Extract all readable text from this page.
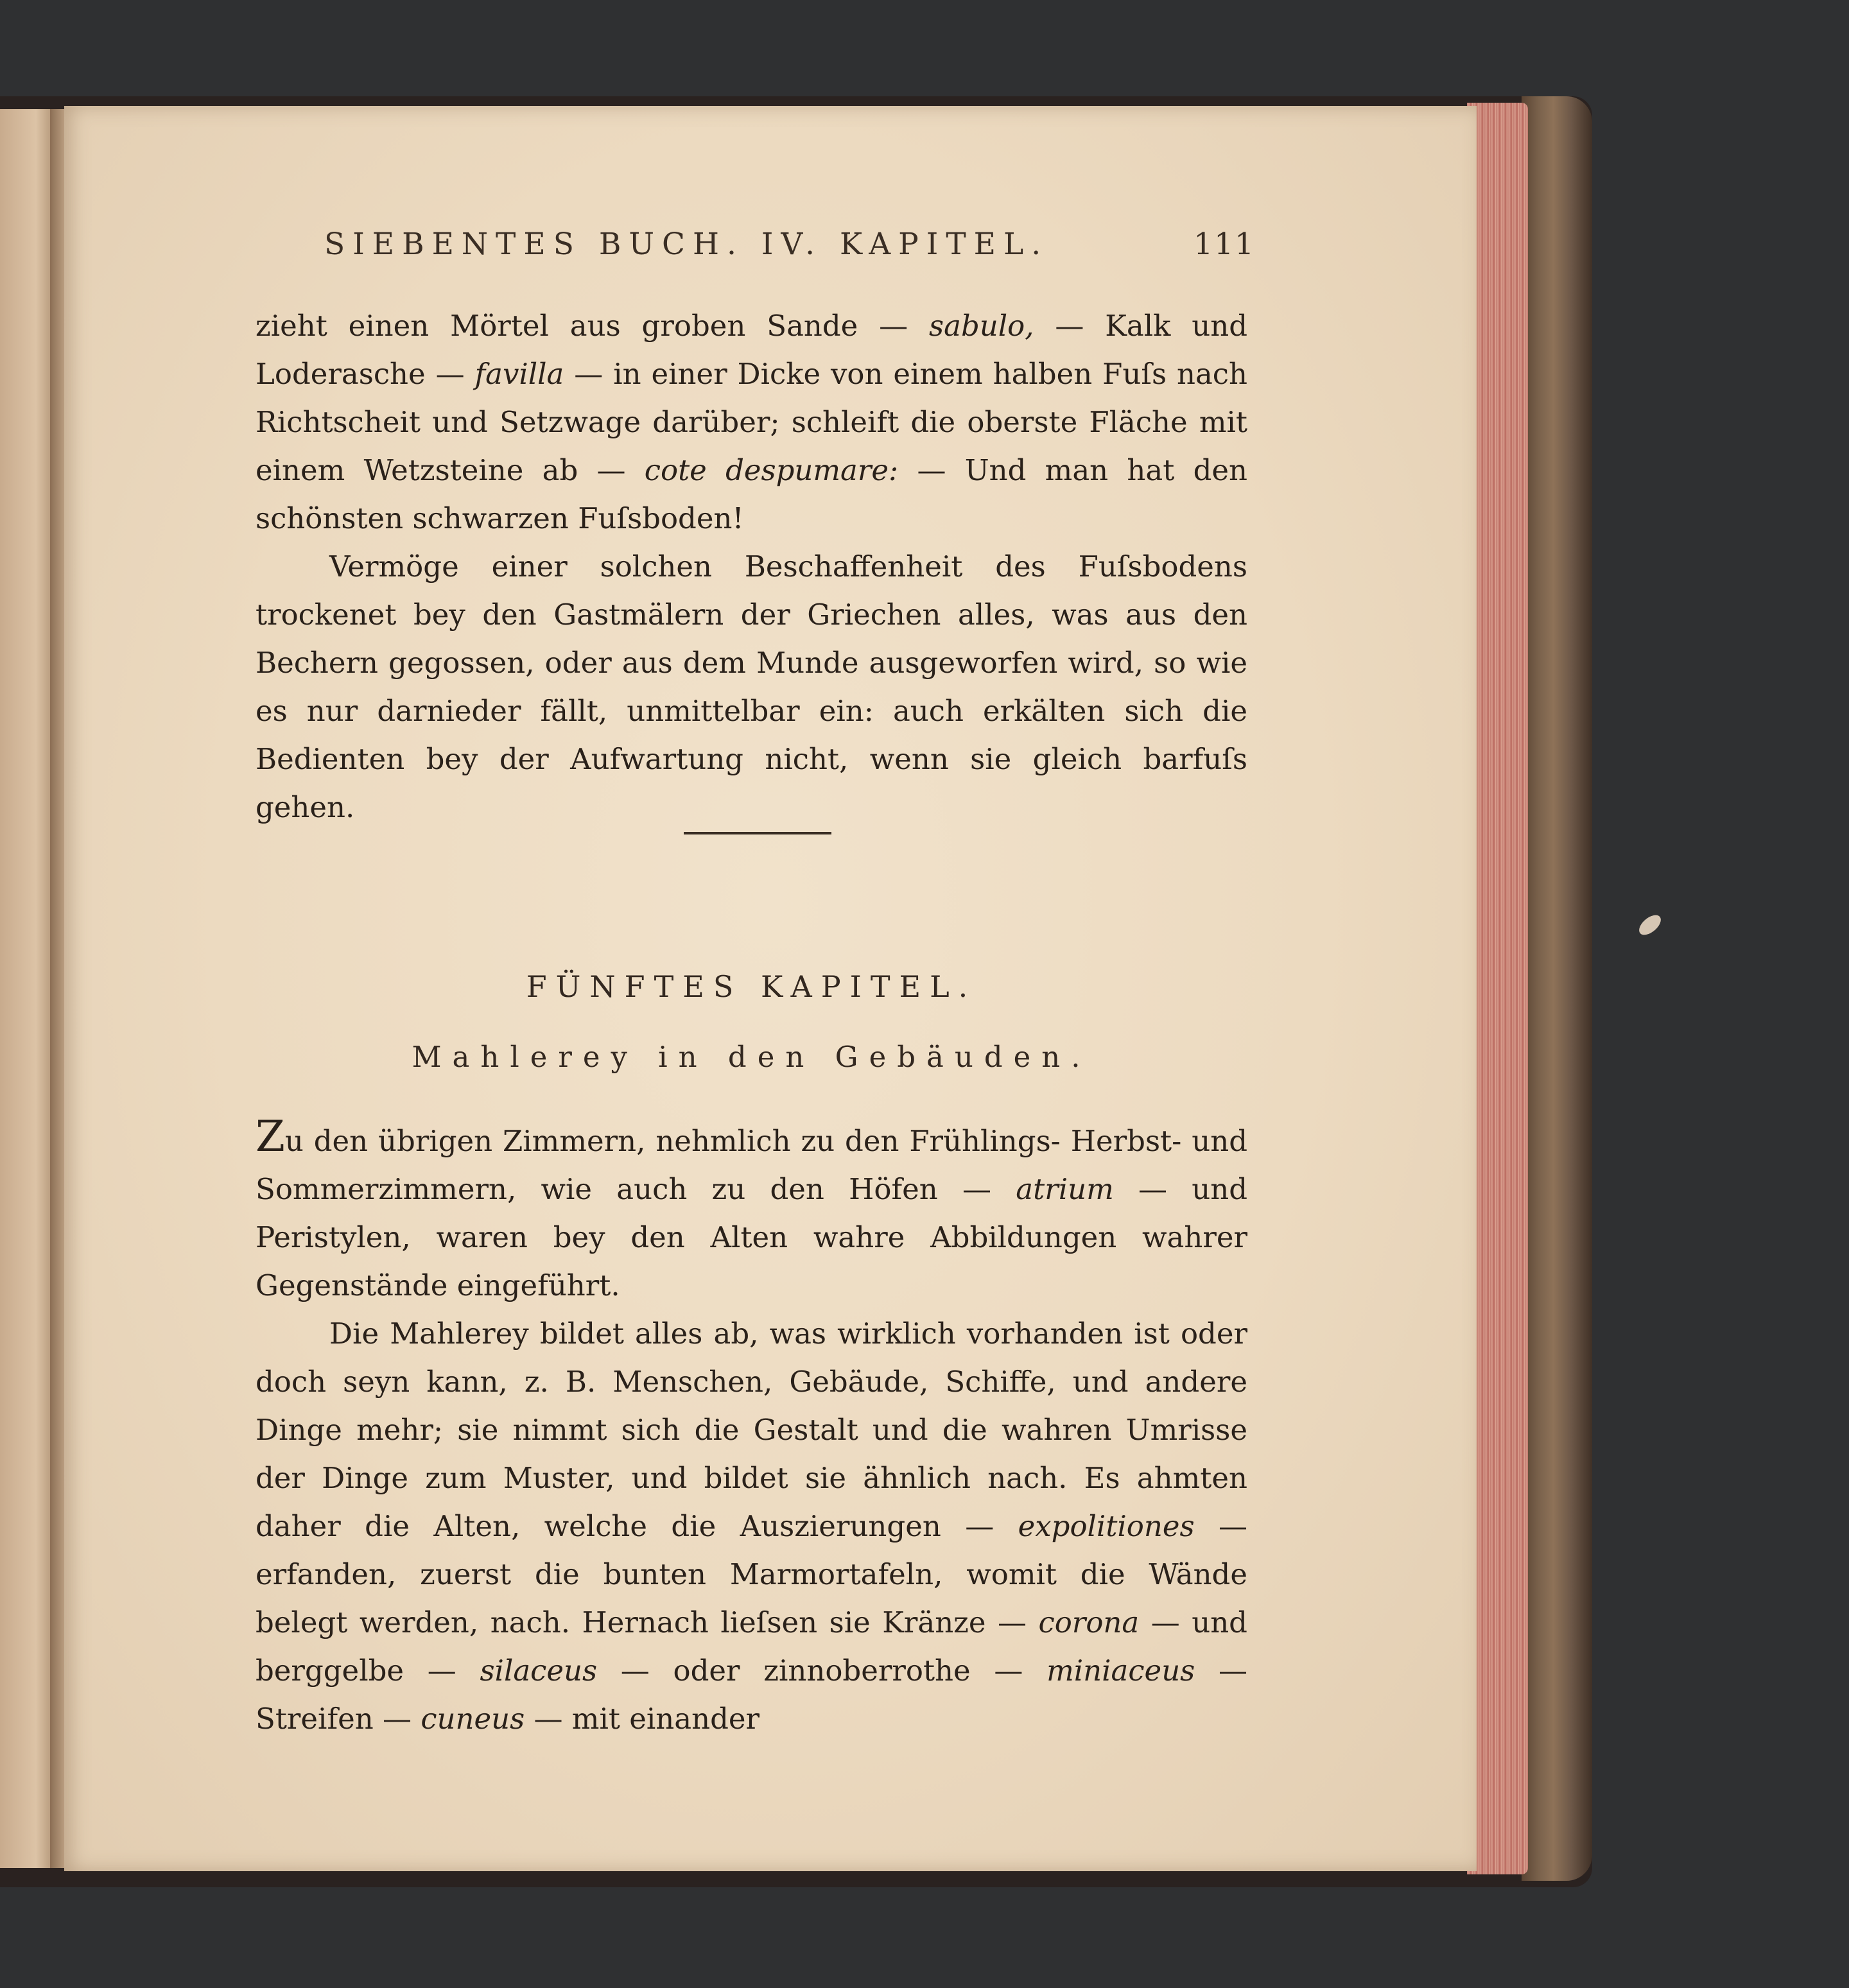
SIEBENTES BUCH. IV. KAPITEL.	111

zieht einen Mörtel aus groben Sande — sabulo, — Kalk und Loderasche — favilla — in einer Dicke von einem halben Fuſs nach Richtscheit und Setzwage darüber; schleift die oberste Fläche mit einem Wetzsteine ab — cote despumare: — Und man hat den schönsten schwarzen Fuſsboden!

Vermöge einer solchen Beschaffenheit des Fuſsbodens trockenet bey den Gastmälern der Griechen alles, was aus den Bechern gegossen, oder aus dem Munde ausgeworfen wird, so wie es nur darnieder fällt, unmittelbar ein: auch erkälten sich die Bedienten bey der Aufwartung nicht, wenn sie gleich barfuſs gehen.

FÜNFTES KAPITEL.
Mahlerey in den Gebäuden.

Zu den übrigen Zimmern, nehmlich zu den Frühlings- Herbst- und Sommerzimmern, wie auch zu den Höfen — atrium — und Peristylen, waren bey den Alten wahre Abbildungen wahrer Gegenstände eingeführt.

Die Mahlerey bildet alles ab, was wirklich vorhanden ist oder doch seyn kann, z. B. Menschen, Gebäude, Schiffe, und andere Dinge mehr; sie nimmt sich die Gestalt und die wahren Umrisse der Dinge zum Muster, und bildet sie ähnlich nach. Es ahmten daher die Alten, welche die Auszierungen — expolitiones — erfanden, zuerst die bunten Marmortafeln, womit die Wände belegt werden, nach. Hernach lieſsen sie Kränze — corona — und berggelbe — silaceus — oder zinnoberrothe — miniaceus — Streifen — cuneus — mit einander
